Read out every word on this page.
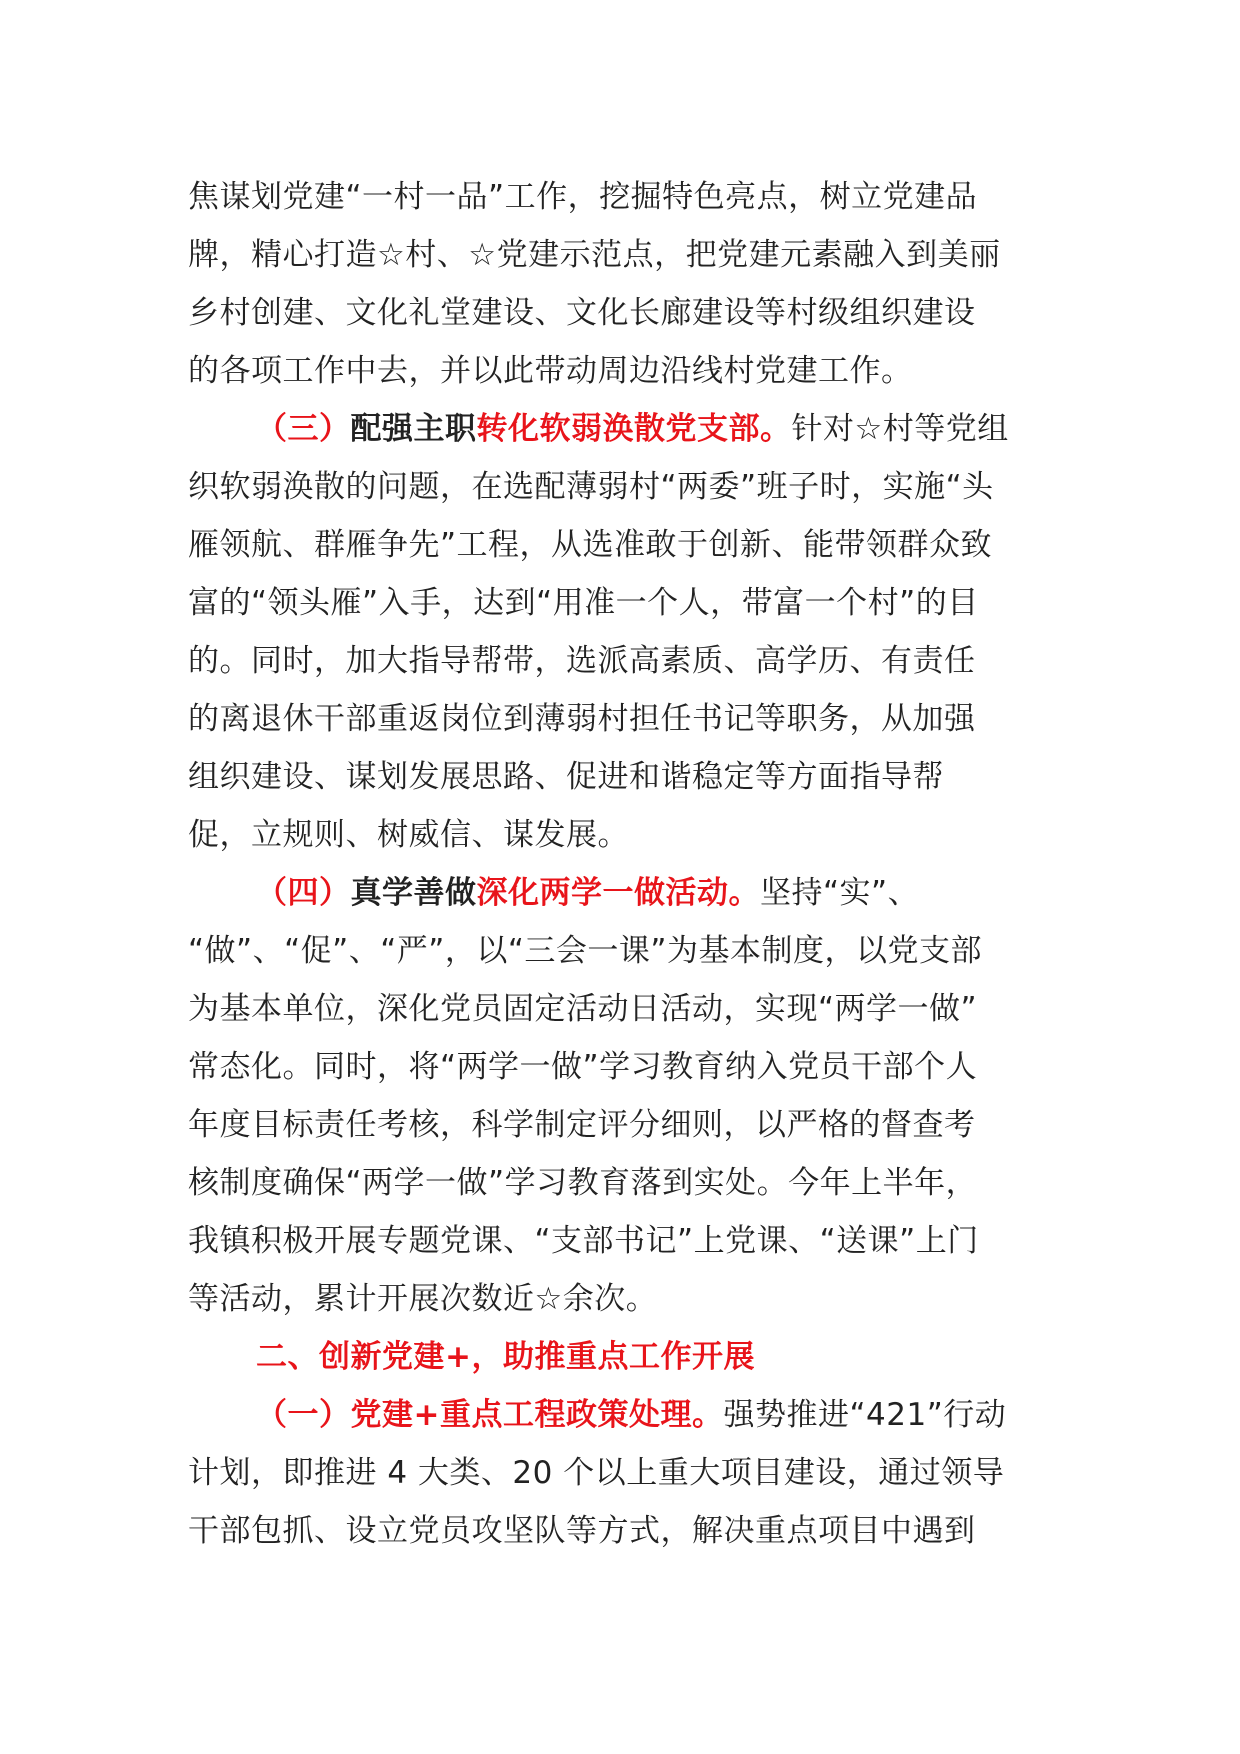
焦谋划党建“一村一品”工作，挖掘特色亮点，树立党建品
牌，精心打造☆村、☆党建示范点，把党建元素融入到美丽
乡村创建、文化礼堂建设、文化长廊建设等村级组织建设
的各项工作中去，并以此带动周边沿线村党建工作。
（三）配强主职转化软弱涣散党支部。针对☆村等党组
织软弱涣散的问题，在选配薄弱村“两委”班子时，实施“头
雁领航、群雁争先”工程，从选准敢于创新、能带领群众致
富的“领头雁”入手，达到“用准一个人，带富一个村”的目
的。同时，加大指导帮带，选派高素质、高学历、有责任
的离退休干部重返岗位到薄弱村担任书记等职务，从加强
组织建设、谋划发展思路、促进和谐稳定等方面指导帮
促，立规则、树威信、谋发展。
（四）真学善做深化两学一做活动。坚持“实”、
“做”、“促”、“严”，以“三会一课”为基本制度，以党支部
为基本单位，深化党员固定活动日活动，实现“两学一做”
常态化。同时，将“两学一做”学习教育纳入党员干部个人
年度目标责任考核，科学制定评分细则，以严格的督查考
核制度确保“两学一做”学习教育落到实处。今年上半年，
我镇积极开展专题党课、“支部书记”上党课、“送课”上门
等活动，累计开展次数近☆余次。
二、创新党建+，助推重点工作开展
（一）党建+重点工程政策处理。强势推进“421”行动
计划，即推进 4 大类、20 个以上重大项目建设，通过领导
干部包抓、设立党员攻坚队等方式，解决重点项目中遇到
